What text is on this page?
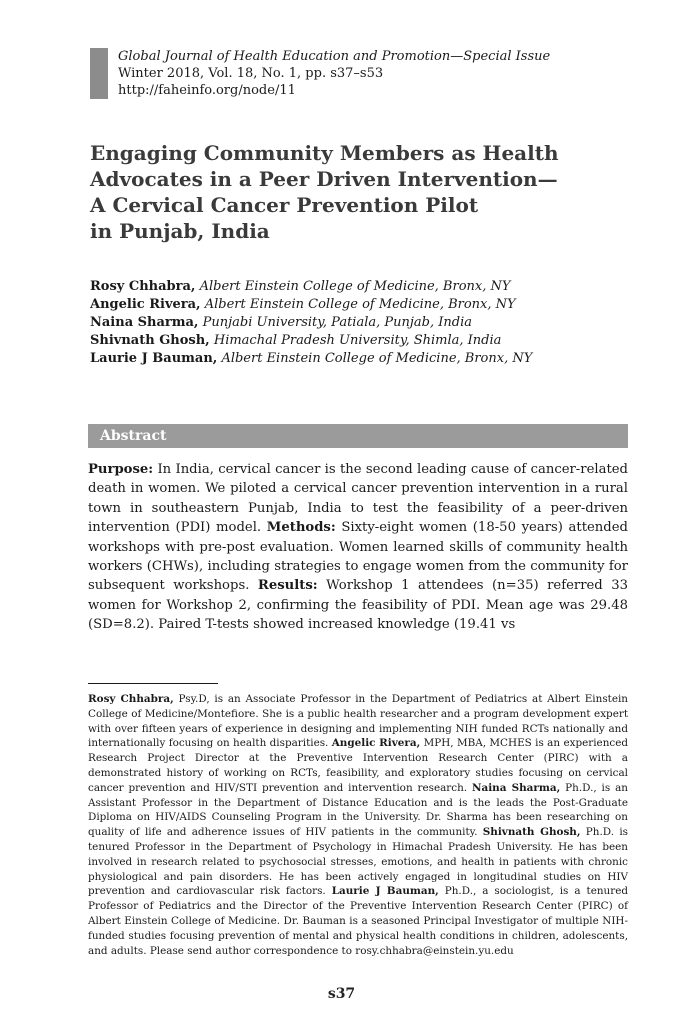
Global Journal of Health Education and Promotion—Special Issue
Winter 2018, Vol. 18, No. 1, pp. s37–s53
http://faheinfo.org/node/11
Engaging Community Members as Health
Advocates in a Peer Driven Intervention—
A Cervical Cancer Prevention Pilot
in Punjab, India
Rosy Chhabra, Albert Einstein College of Medicine, Bronx, NY
Angelic Rivera, Albert Einstein College of Medicine, Bronx, NY
Naina Sharma, Punjabi University, Patiala, Punjab, India
Shivnath Ghosh, Himachal Pradesh University, Shimla, India
Laurie J Bauman, Albert Einstein College of Medicine, Bronx, NY
Abstract

Purpose: In India, cervical cancer is the second leading cause of cancer-related death in women. We piloted a cervical cancer prevention intervention in a rural town in southeastern Punjab, India to test the feasibility of a peer-driven intervention (PDI) model. Methods: Sixty-eight women (18-50 years) attended workshops with pre-post evaluation. Women learned skills of community health workers (CHWs), including strategies to engage women from the community for subsequent workshops. Results: Workshop 1 attendees (n=35) referred 33 women for Workshop 2, confirming the feasibility of PDI. Mean age was 29.48 (SD=8.2). Paired T-tests showed increased knowledge (19.41 vs

Rosy Chhabra, Psy.D, is an Associate Professor in the Department of Pediatrics at Albert Einstein College of Medicine/Montefiore. She is a public health researcher and a program development expert with over fifteen years of experience in designing and implementing NIH funded RCTs nationally and internationally focusing on health disparities. Angelic Rivera, MPH, MBA, MCHES is an experienced Research Project Director at the Preventive Intervention Research Center (PIRC) with a demonstrated history of working on RCTs, feasibility, and exploratory studies focusing on cervical cancer prevention and HIV/STI prevention and intervention research. Naina Sharma, Ph.D., is an Assistant Professor in the Department of Distance Education and is the leads the Post-Graduate Diploma on HIV/AIDS Counseling Program in the University. Dr. Sharma has been researching on quality of life and adherence issues of HIV patients in the community. Shivnath Ghosh, Ph.D. is tenured Professor in the Department of Psychology in Himachal Pradesh University. He has been involved in research related to psychosocial stresses, emotions, and health in patients with chronic physiological and pain disorders. He has been actively engaged in longitudinal studies on HIV prevention and cardiovascular risk factors. Laurie J Bauman, Ph.D., a sociologist, is a tenured Professor of Pediatrics and the Director of the Preventive Intervention Research Center (PIRC) of Albert Einstein College of Medicine. Dr. Bauman is a seasoned Principal Investigator of multiple NIH-funded studies focusing prevention of mental and physical health conditions in children, adolescents, and adults. Please send author correspondence to rosy.chhabra@einstein.yu.edu

s37
